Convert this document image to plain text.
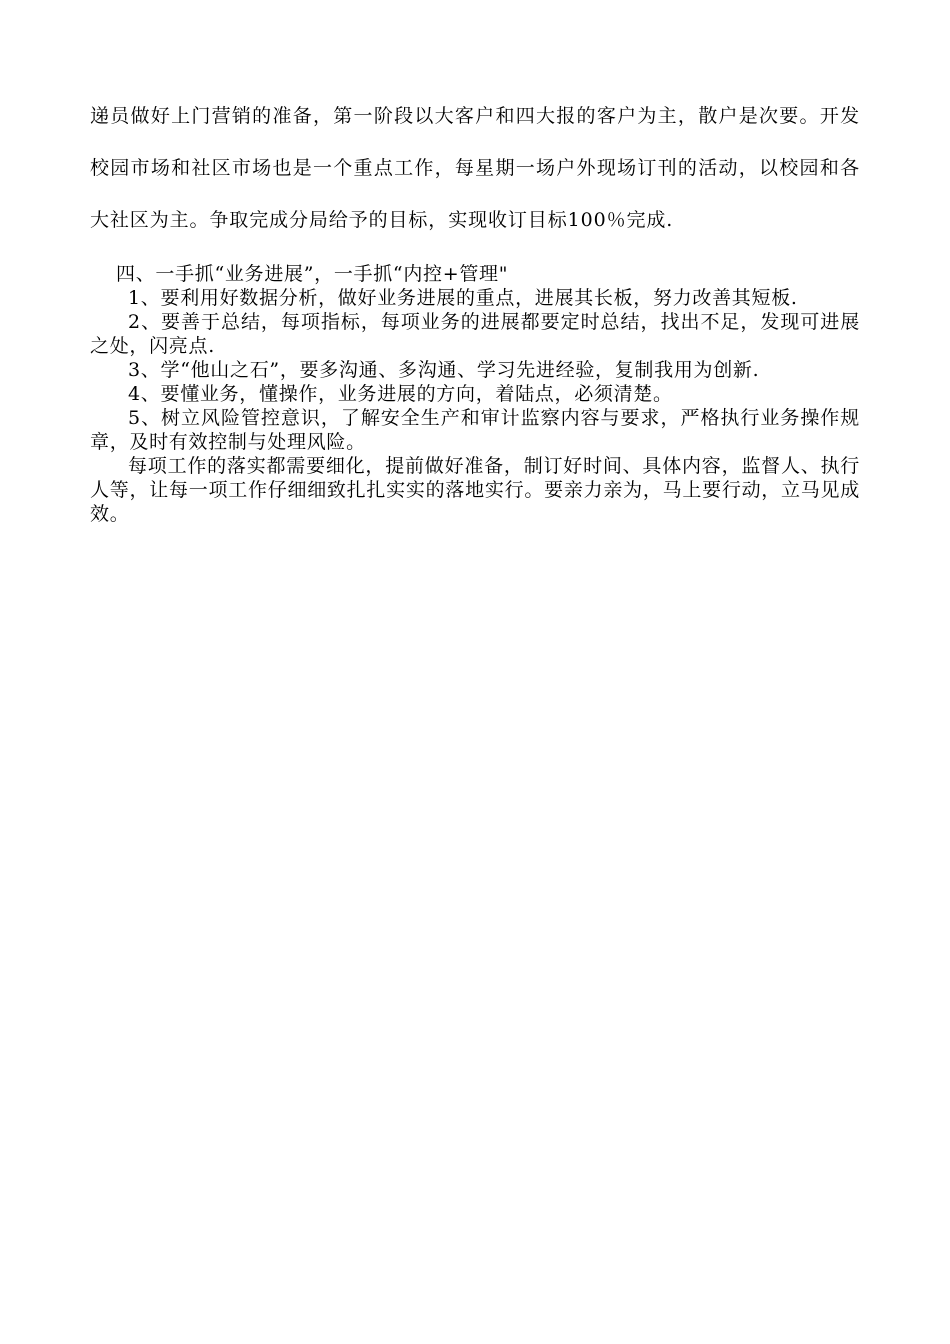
递员做好上门营销的准备，第一阶段以大客户和四大报的客户为主，散户是次要。开发校园市场和社区市场也是一个重点工作，每星期一场户外现场订刊的活动，以校园和各大社区为主。争取完成分局给予的目标，实现收订目标100％完成.

四、一手抓“业务进展”，一手抓“内控+管理"

1、要利用好数据分析，做好业务进展的重点，进展其长板，努力改善其短板.

2、要善于总结，每项指标，每项业务的进展都要定时总结，找出不足，发现可进展之处，闪亮点.

3、学“他山之石”，要多沟通、多沟通、学习先进经验，复制我用为创新.

4、要懂业务，懂操作，业务进展的方向，着陆点，必须清楚。

5、树立风险管控意识，了解安全生产和审计监察内容与要求，严格执行业务操作规章，及时有效控制与处理风险。

每项工作的落实都需要细化，提前做好准备，制订好时间、具体内容，监督人、执行人等，让每一项工作仔细细致扎扎实实的落地实行。要亲力亲为，马上要行动，立马见成效。
